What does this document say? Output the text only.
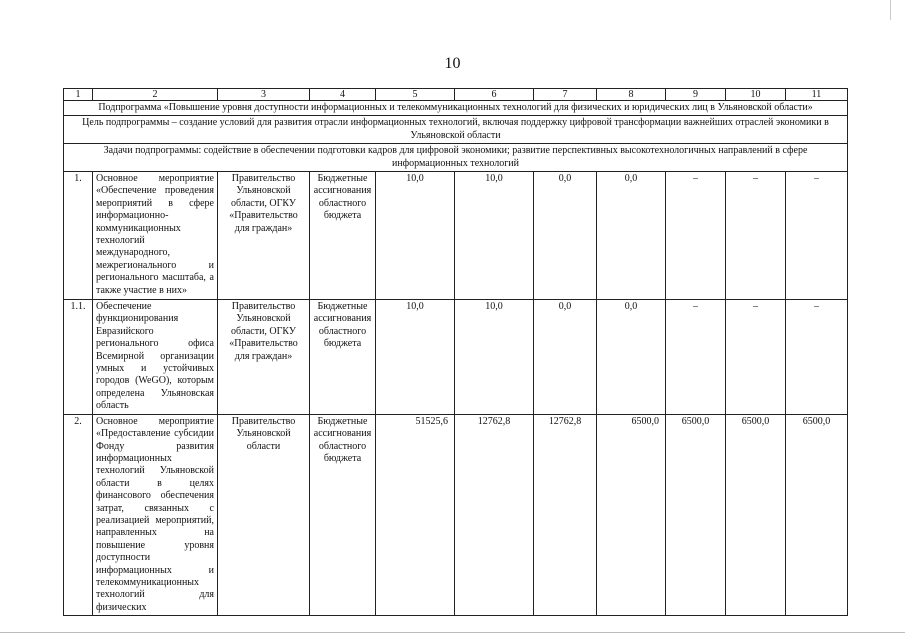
10
1	2	3	4	5	6	7	8	9	10	11
Подпрограмма «Повышение уровня доступности информационных и телекоммуникационных технологий для физических и юридических лиц в Ульяновской области»										
Цель подпрограммы – создание условий для развития отрасли информационных технологий, включая поддержку цифровой трансформации важнейших отраслей экономики в Ульяновской области										
Задачи подпрограммы: содействие в обеспечении подготовки кадров для цифровой экономики; развитие перспективных высокотехнологичных направлений в сфере информационных технологий										
1.	Основное мероприятие «Обеспечение проведения мероприятий в сфере информационно-коммуникационных технологий международного, межрегионального и регионального масштаба, а также участие в них»	Правительство Ульяновской области, ОГКУ «Правительство для граждан»	Бюджетные ассигнования областного бюджета	10,0	10,0	0,0	0,0	–	–	–
1.1.	Обеспечение функционирования Евразийского регионального офиса Всемирной организации умных и устойчивых городов (WeGO), которым определена Ульяновская область	Правительство Ульяновской области, ОГКУ «Правительство для граждан»	Бюджетные ассигнования областного бюджета	10,0	10,0	0,0	0,0	–	–	–
2.	Основное мероприятие «Предоставление субсидии Фонду развития информационных технологий Ульяновской области в целях финансового обеспечения затрат, связанных с реализацией мероприятий, направленных на повышение уровня доступности информационных и телекоммуникационных технологий для физических	Правительство Ульяновской области	Бюджетные ассигнования областного бюджета	51525,6	12762,8	12762,8	6500,0	6500,0	6500,0	6500,0
